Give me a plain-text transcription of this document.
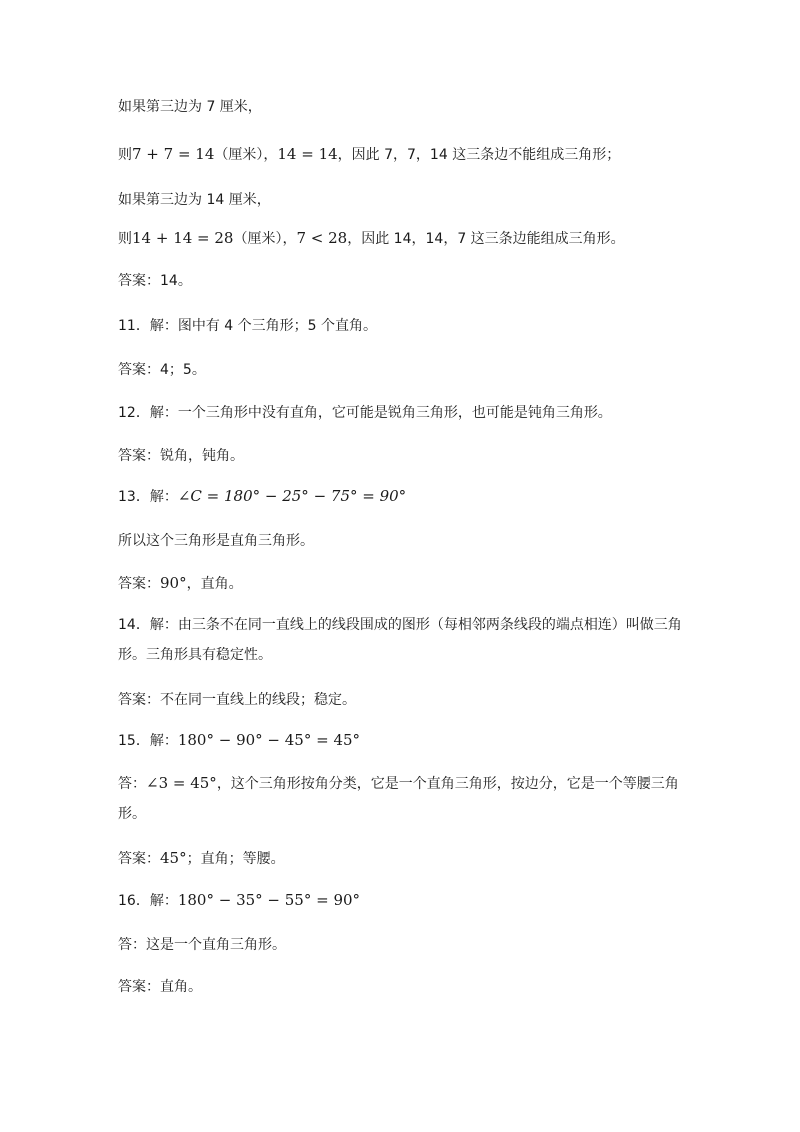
如果第三边为 7 厘米，
则7 + 7 = 14（厘米），14 = 14，因此 7，7，14 这三条边不能组成三角形；
如果第三边为 14 厘米，
则14 + 14 = 28（厘米），7 < 28，因此 14，14，7 这三条边能组成三角形。
答案：14。
11．解：图中有 4 个三角形；5 个直角。
答案：4；5。
12．解：一个三角形中没有直角，它可能是锐角三角形，也可能是钝角三角形。
答案：锐角，钝角。
13．解：∠C = 180° − 25° − 75° = 90°
所以这个三角形是直角三角形。
答案：90°，直角。
14．解：由三条不在同一直线上的线段围成的图形（每相邻两条线段的端点相连）叫做三角形。三角形具有稳定性。
答案：不在同一直线上的线段；稳定。
15．解：180° − 90° − 45° = 45°
答：∠3 = 45°，这个三角形按角分类，它是一个直角三角形，按边分，它是一个等腰三角形。
答案：45°；直角；等腰。
16．解：180° − 35° − 55° = 90°
答：这是一个直角三角形。
答案：直角。
